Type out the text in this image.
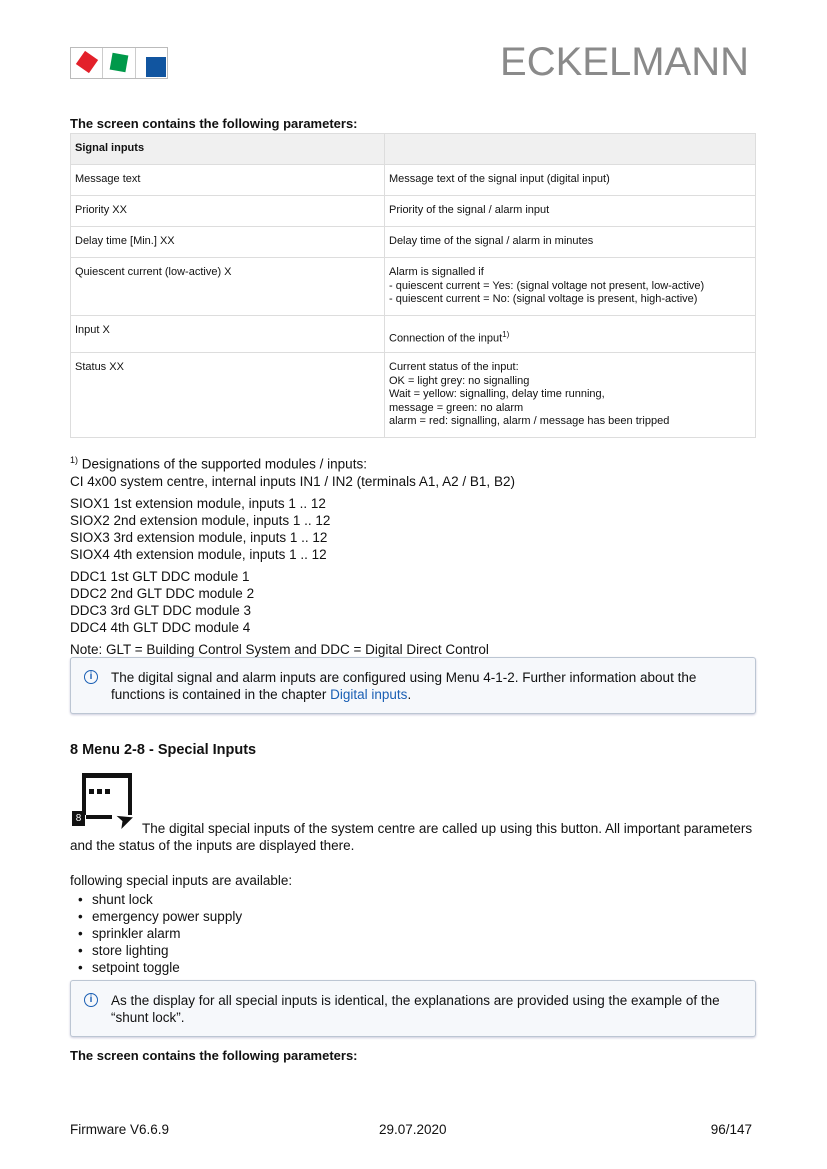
ECKELMANN
The screen contains the following parameters:
Signal inputs	
Message text	Message text of the signal input (digital input)

Priority XX	Priority of the signal / alarm input

Delay time [Min.] XX	Delay time of the signal / alarm in minutes

Quiescent current (low-active) X	Alarm is signalled if
- quiescent current = Yes: (signal voltage not present, low-active)
- quiescent current = No: (signal voltage is present, high-active)

Input X	Connection of the input$^{1)}$
Status XX	Current status of the input:
OK = light grey: no signalling
Wait = yellow: signalling, delay time running,
message = green: no alarm
alarm = red: signalling, alarm / message has been tripped
$^{1)}$ Designations of the supported modules / inputs:
CI 4x00 system centre, internal inputs IN1 / IN2 (terminals A1, A2 / B1, B2)
SIOX1 1st extension module, inputs 1 .. 12
SIOX2 2nd extension module, inputs 1 .. 12
SIOX3 3rd extension module, inputs 1 .. 12
SIOX4 4th extension module, inputs 1 .. 12
DDC1 1st GLT DDC module 1
DDC2 2nd GLT DDC module 2
DDC3 3rd GLT DDC module 3
DDC4 4th GLT DDC module 4
Note: GLT = Building Control System and DDC = Digital Direct Control
i	The digital signal and alarm inputs are configured using Menu 4-1-2. Further information about the functions is contained in the chapter Digital inputs.
8 Menu 2-8 - Special Inputs
8 ➤ The digital special inputs of the system centre are called up using this button. All important parameters and the status of the inputs are displayed there.
following special inputs are available:
• shunt lock
• emergency power supply
• sprinkler alarm
• store lighting
• setpoint toggle
i	As the display for all special inputs is identical, the explanations are provided using the example of the “shunt lock”.
The screen contains the following parameters:
Firmware V6.6.9	29.07.2020	96/147
